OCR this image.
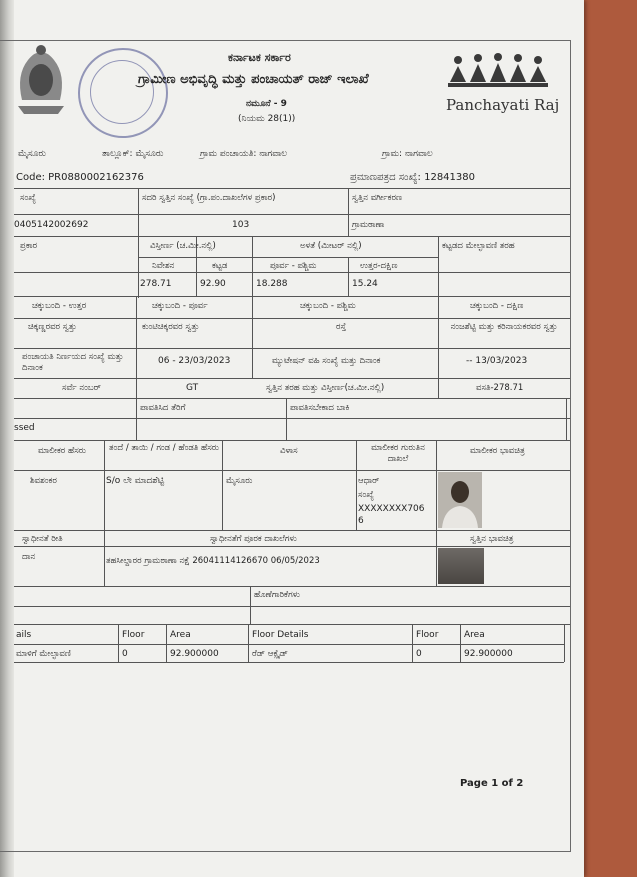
ಕರ್ನಾಟಕ ಸರ್ಕಾರ
ಗ್ರಾಮೀಣ ಅಭಿವೃದ್ಧಿ ಮತ್ತು ಪಂಚಾಯತ್ ರಾಜ್ ಇಲಾಖೆ
ನಮೂನೆ - 9
(ನಿಯಮ 28(1))
Panchayati Raj
ಮೈಸೂರು	ತಾಲ್ಲೂಕ್: ಮೈಸೂರು	ಗ್ರಾಮ ಪಂಚಾಯತಿ: ನಾಗವಾಲ	ಗ್ರಾಮ: ನಾಗವಾಲ
Code: PR0880002162376	ಪ್ರಮಾಣಪತ್ರದ ಸಂಖ್ಯೆ: 12841380
ಸಂಖ್ಯೆ	ಸದರಿ ಸ್ವತ್ತಿನ ಸಂಖ್ಯೆ (ಗ್ರಾ.ಪಂ.ದಾಖಲೆಗಳ ಪ್ರಕಾರ)	ಸ್ವತ್ತಿನ ವರ್ಗೀಕರಣ
0405142002692	103	ಗ್ರಾಮಠಾಣಾ
ಪ್ರಕಾರ	ವಿಸ್ತೀರ್ಣ (ಚ.ಮೀ.ನಲ್ಲಿ)	ಅಳತೆ (ಮೀಟರ್ ನಲ್ಲಿ)	ಕಟ್ಟಡದ ಮೇಲ್ಛಾವಣಿ ತರಹ
ನಿವೇಶನ	ಕಟ್ಟಡ	ಪೂರ್ವ - ಪಶ್ಚಿಮ	ಉತ್ತರ-ದಕ್ಷಿಣ
278.71	92.90	18.288	15.24
ಚಕ್ಕುಬಂದಿ - ಉತ್ತರ	ಚಕ್ಕುಬಂದಿ - ಪೂರ್ವ	ಚಕ್ಕುಬಂದಿ - ಪಶ್ಚಿಮ	ಚಕ್ಕುಬಂದಿ - ದಕ್ಷಿಣ
ಚಿಕ್ಕಣ್ಣರವರ ಸ್ವತ್ತು	ಕುಂಟಿಚಿಕ್ಕರವರ ಸ್ವತ್ತು	ರಸ್ತೆ	ನಂಜಶೆಟ್ಟಿ ಮತ್ತು ಕರಿನಾಯಕರವರ ಸ್ವತ್ತು
ಪಂಚಾಯತಿ ನಿರ್ಣಯದ ಸಂಖ್ಯೆ ಮತ್ತು ದಿನಾಂಕ
06 - 23/03/2023	ಮ್ಯುಟೇಷನ್ ವಹಿ ಸಂಖ್ಯೆ ಮತ್ತು ದಿನಾಂಕ	-- 13/03/2023
ಸರ್ವೆ ನಂಬರ್	GT	ಸ್ವತ್ತಿನ ತರಹ ಮತ್ತು ವಿಸ್ತೀರ್ಣ(ಚ.ಮೀ.ನಲ್ಲಿ)	ವಸತಿ-278.71
ಪಾವತಿಸಿದ ತೆರಿಗೆ	ಪಾವತಿಸಬೇಕಾದ ಬಾಕಿ
ssed
ಮಾಲೀಕರ ಹೆಸರು	ತಂದೆ / ತಾಯಿ / ಗಂಡ / ಹೆಂಡತಿ ಹೆಸರು	ವಿಳಾಸ	ಮಾಲೀಕರ ಗುರುತಿನ ದಾಖಲೆ
ಮಾಲೀಕರ ಭಾವಚಿತ್ರ
ಶಿವಶಂಕರ	S/o ಲೇ ಮಾದಶೆಟ್ಟಿ	ಮೈಸೂರು	ಆಧಾರ್
ಸಂಖ್ಯೆ
XXXXXXXX706
6
ಸ್ವಾಧೀನತೆ ರೀತಿ	ಸ್ವಾಧೀನತೆಗೆ ಪೂರಕ ದಾಖಲೆಗಳು	ಸ್ವತ್ತಿನ ಭಾವಚಿತ್ರ
ದಾನ	ತಹಸೀಲ್ದಾರರ ಗ್ರಾಮಠಾಣಾ ನಕ್ಷೆ 26041114126670 06/05/2023
ಹೊಣೆಗಾರಿಕೆಗಳು
ails	Floor	Area	Floor Details	Floor	Area
ಮಾಳಿಗೆ ಮೇಲ್ಛಾವಣಿ	0	92.900000	ರೆಡ್ ಆಕ್ಸೈಡ್	0	92.900000
Page 1 of 2
